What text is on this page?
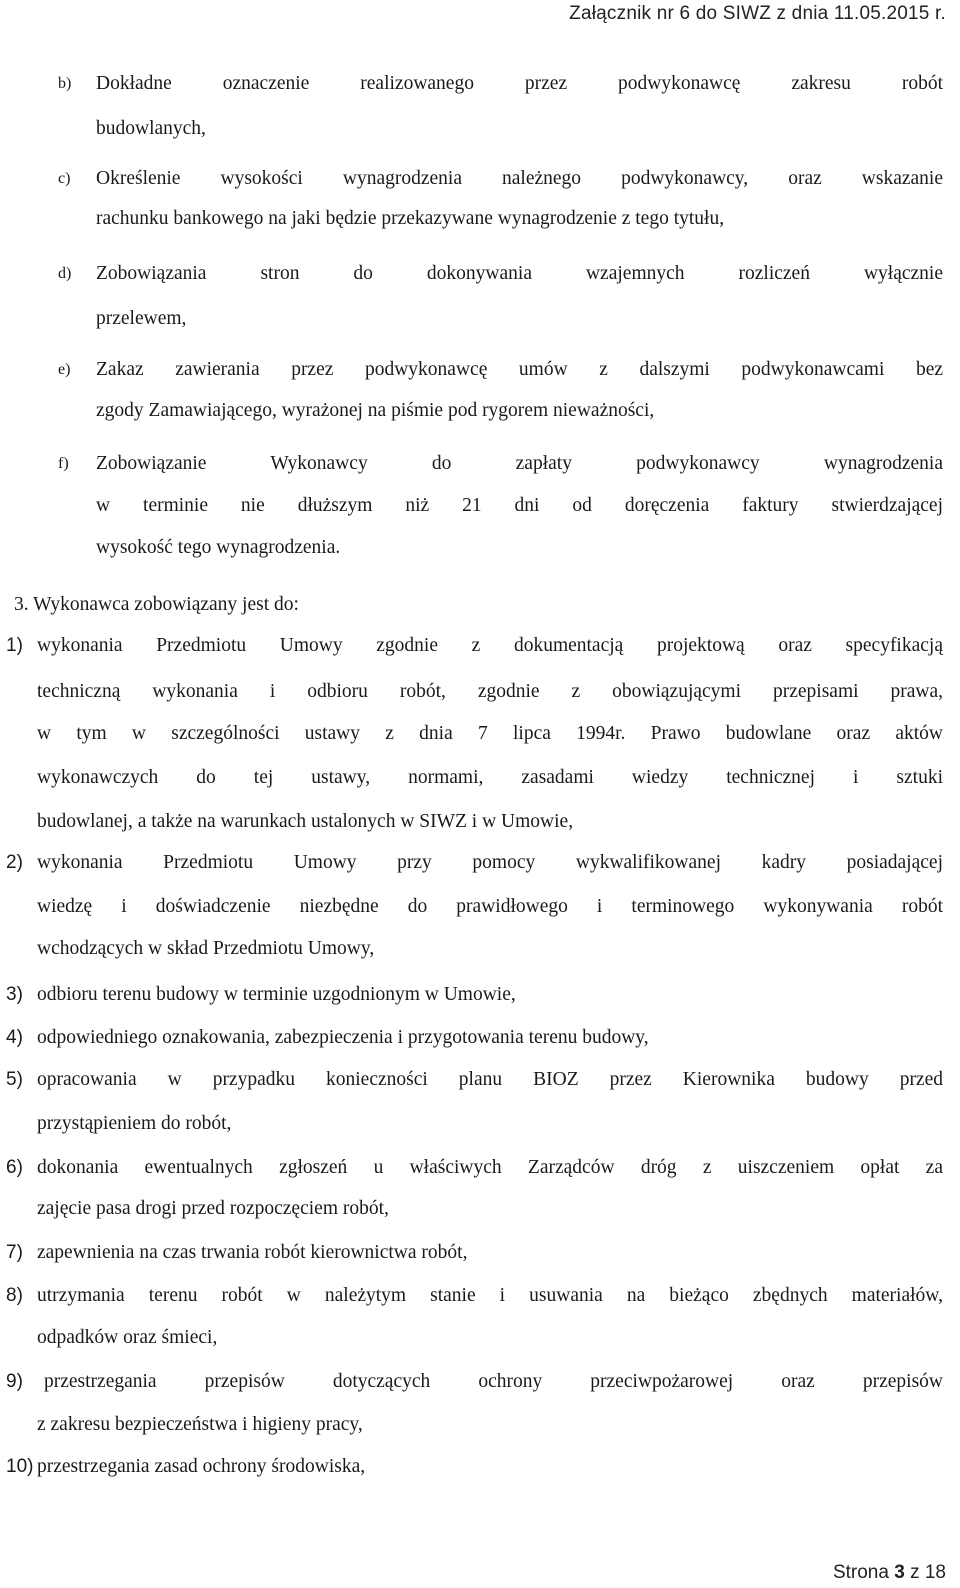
Załącznik nr 6 do SIWZ z dnia 11.05.2015 r.
b) Dokładne oznaczenie realizowanego przez podwykonawcę zakresu robót
budowlanych,
c) Określenie wysokości wynagrodzenia należnego podwykonawcy, oraz wskazanie
rachunku bankowego na jaki będzie przekazywane wynagrodzenie z tego tytułu,
d) Zobowiązania stron do dokonywania wzajemnych rozliczeń wyłącznie
przelewem,
e) Zakaz zawierania przez podwykonawcę umów z dalszymi podwykonawcami bez
zgody Zamawiającego, wyrażonej na piśmie pod rygorem nieważności,
f) Zobowiązanie Wykonawcy do zapłaty podwykonawcy wynagrodzenia
w terminie nie dłuższym niż 21 dni od doręczenia faktury stwierdzającej
wysokość tego wynagrodzenia.
3. Wykonawca zobowiązany jest do:
1) wykonania Przedmiotu Umowy zgodnie z dokumentacją projektową oraz specyfikacją
techniczną wykonania i odbioru robót, zgodnie z obowiązującymi przepisami prawa,
w tym w szczególności ustawy z dnia 7 lipca 1994r. Prawo budowlane oraz aktów
wykonawczych do tej ustawy, normami, zasadami wiedzy technicznej i sztuki
budowlanej, a także na warunkach ustalonych w SIWZ i w Umowie,
2) wykonania Przedmiotu Umowy przy pomocy wykwalifikowanej kadry posiadającej
wiedzę i doświadczenie niezbędne do prawidłowego i terminowego wykonywania robót
wchodzących w skład Przedmiotu Umowy,
3) odbioru terenu budowy w terminie uzgodnionym w Umowie,
4) odpowiedniego oznakowania, zabezpieczenia i przygotowania terenu budowy,
5) opracowania w przypadku konieczności planu BIOZ przez Kierownika budowy przed
przystąpieniem do robót,
6) dokonania ewentualnych zgłoszeń u właściwych Zarządców dróg z uiszczeniem opłat za
zajęcie pasa drogi przed rozpoczęciem robót,
7) zapewnienia na czas trwania robót kierownictwa robót,
8) utrzymania terenu robót w należytym stanie i usuwania na bieżąco zbędnych materiałów,
odpadków oraz śmieci,
9) przestrzegania przepisów dotyczących ochrony przeciwpożarowej oraz przepisów
z zakresu bezpieczeństwa i higieny pracy,
10) przestrzegania zasad ochrony środowiska,
Strona 3 z 18
